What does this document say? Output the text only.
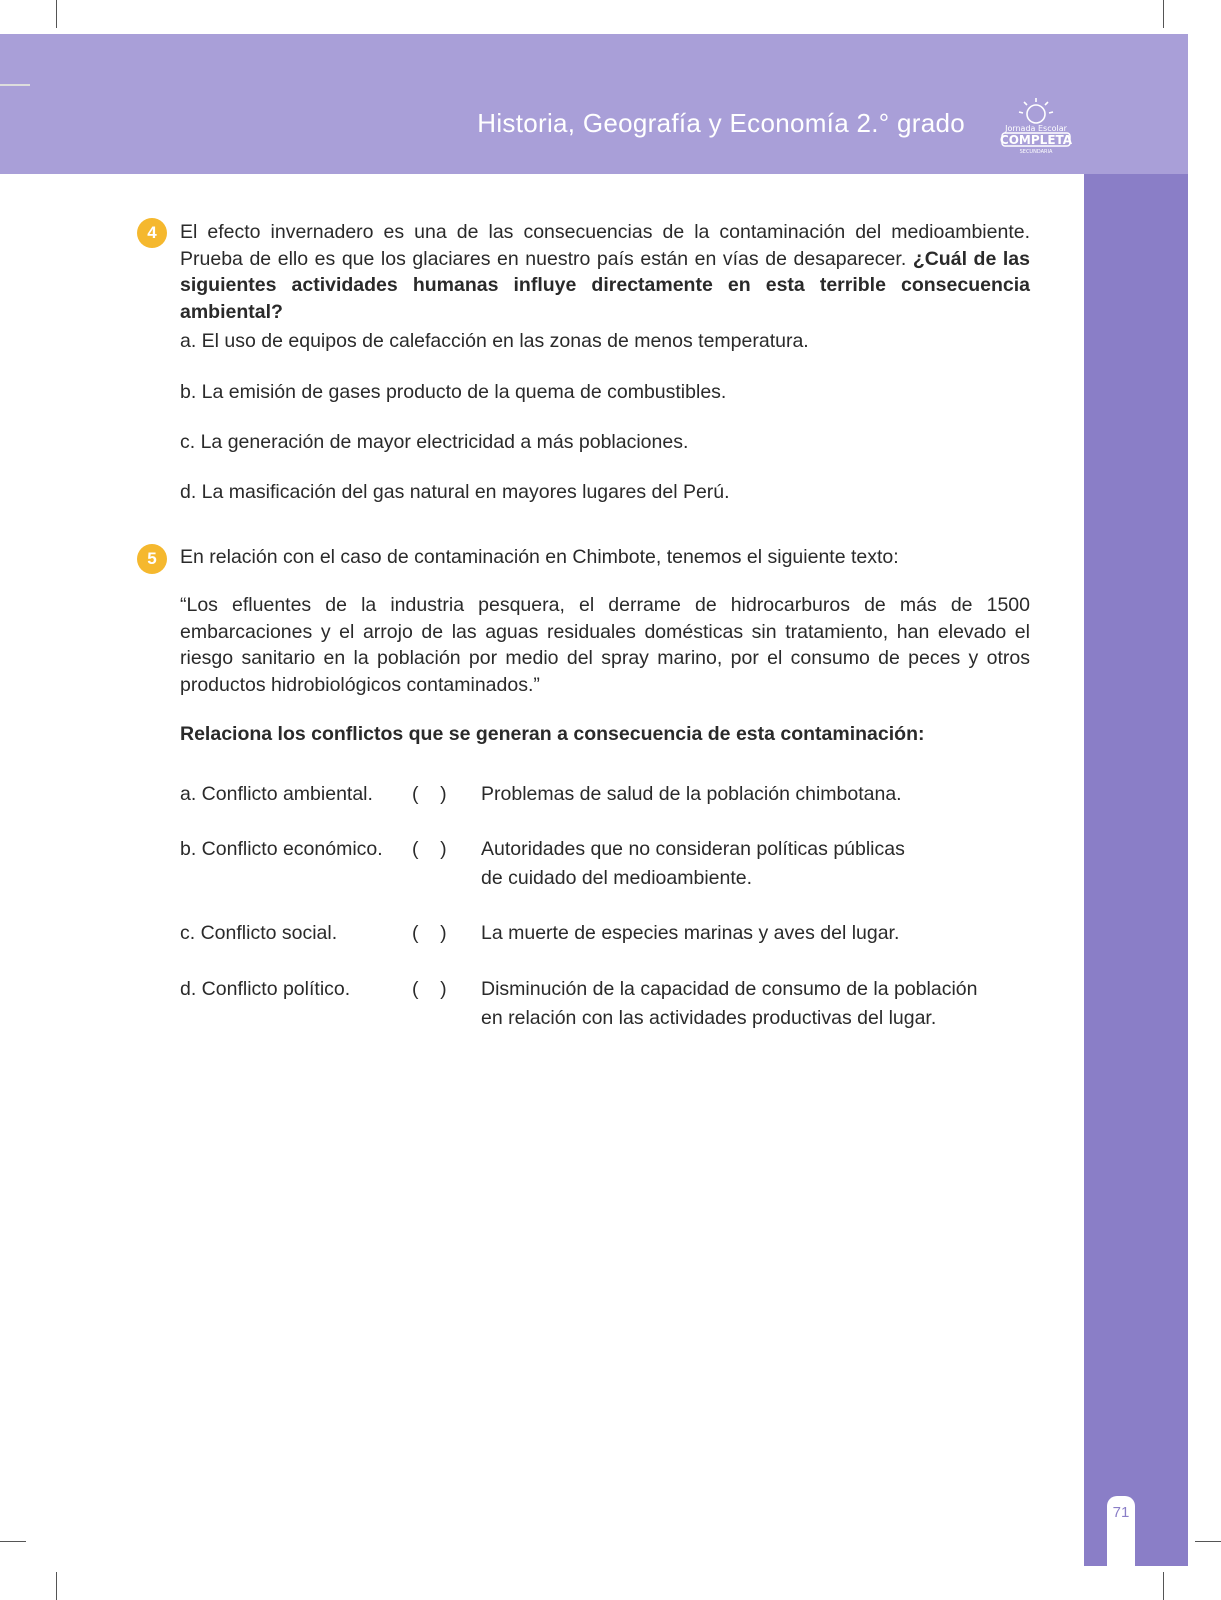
Historia, Geografía y Economía 2.° grado	Jornada Escolar
COMPLETA
SECUNDARIA
71
4	El efecto invernadero es una de las consecuencias de la contaminación del medioambiente. Prueba de ello es que los glaciares en nuestro país están en vías de desaparecer. ¿Cuál de las siguientes actividades humanas influye directamente en esta terrible consecuencia ambiental?
a. El uso de equipos de calefacción en las zonas de menos temperatura.
b. La emisión de gases producto de la quema de combustibles.
c. La generación de mayor electricidad a más poblaciones.
d. La masificación del gas natural en mayores lugares del Perú.
5	En relación con el caso de contaminación en Chimbote, tenemos el siguiente texto:
“Los efluentes de la industria pesquera, el derrame de hidrocarburos de más de 1500 embarcaciones y el arrojo de las aguas residuales domésticas sin tratamiento, han elevado el riesgo sanitario en la población por medio del spray marino, por el consumo de peces y otros productos hidrobiológicos contaminados.”
Relaciona los conflictos que se generan a consecuencia de esta contaminación:
a. Conflicto ambiental. (    ) Problemas de salud de la población chimbotana.
b. Conflicto económico. (    ) Autoridades que no consideran políticas públicas de cuidado del medioambiente.
c. Conflicto social.	(    ) La muerte de especies marinas y aves del lugar.
d. Conflicto político.	(    ) Disminución de la capacidad de consumo de la población en relación con las actividades productivas del lugar.
